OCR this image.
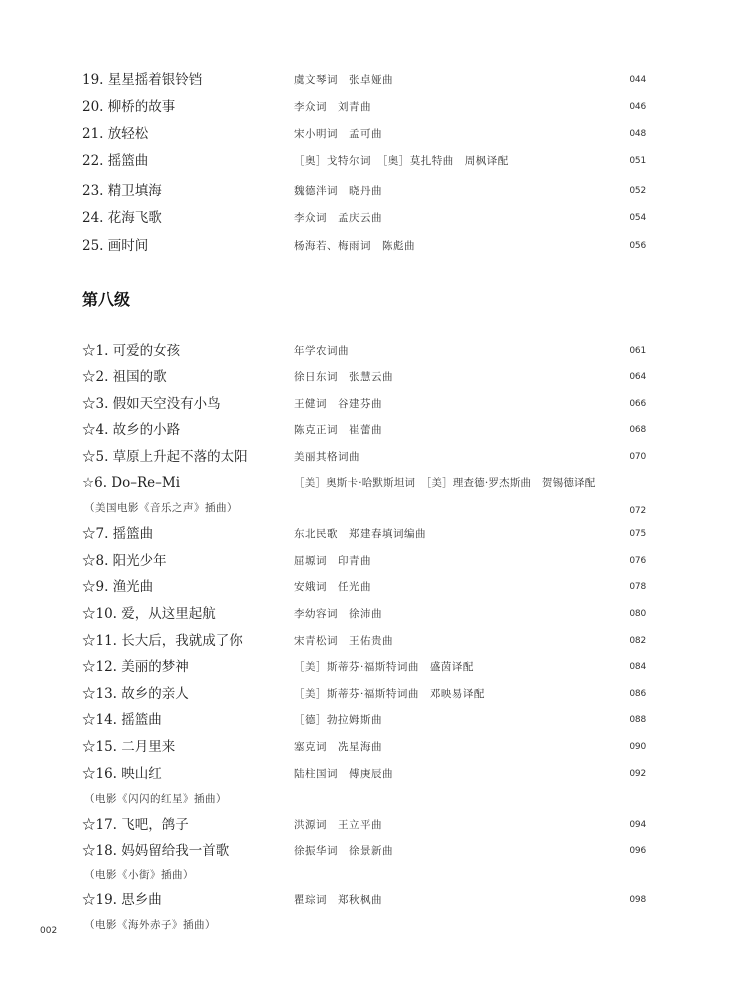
19. 星星摇着银铃铛	虞文琴词　张卓娅曲	044
20. 柳桥的故事	李众词　刘青曲	046
21. 放轻松	宋小明词　孟可曲	048
22. 摇篮曲	［奥］戈特尔词　［奥］莫扎特曲　周枫译配	051
23. 精卫填海	魏德泮词　晓丹曲	052
24. 花海飞歌	李众词　孟庆云曲	054
25. 画时间	杨海若、梅雨词　陈彪曲	056
第八级
☆1. 可爱的女孩	年学农词曲	061
☆2. 祖国的歌	徐日东词　张慧云曲	064
☆3. 假如天空没有小鸟	王健词　谷建芬曲	066
☆4. 故乡的小路	陈克正词　崔蕾曲	068
☆5. 草原上升起不落的太阳	美丽其格词曲	070
☆6. Do–Re–Mi	［美］奥斯卡·哈默斯坦词　［美］理查德·罗杰斯曲　贺锡德译配
（美国电影《音乐之声》插曲）	072
☆7. 摇篮曲	东北民歌　郑建春填词编曲	075
☆8. 阳光少年	屈塬词　印青曲	076
☆9. 渔光曲	安娥词　任光曲	078
☆10. 爱，从这里起航	李幼容词　徐沛曲	080
☆11. 长大后，我就成了你	宋青松词　王佑贵曲	082
☆12. 美丽的梦神	［美］斯蒂芬·福斯特词曲　盛茵译配	084
☆13. 故乡的亲人	［美］斯蒂芬·福斯特词曲　邓映易译配	086
☆14. 摇篮曲	［德］勃拉姆斯曲	088
☆15. 二月里来	塞克词　冼星海曲	090
☆16. 映山红	陆柱国词　傅庚辰曲	092
（电影《闪闪的红星》插曲）
☆17. 飞吧，鸽子	洪源词　王立平曲	094
☆18. 妈妈留给我一首歌	徐振华词　徐景新曲	096
（电影《小街》插曲）
☆19. 思乡曲	瞿琮词　郑秋枫曲	098
（电影《海外赤子》插曲）
002
